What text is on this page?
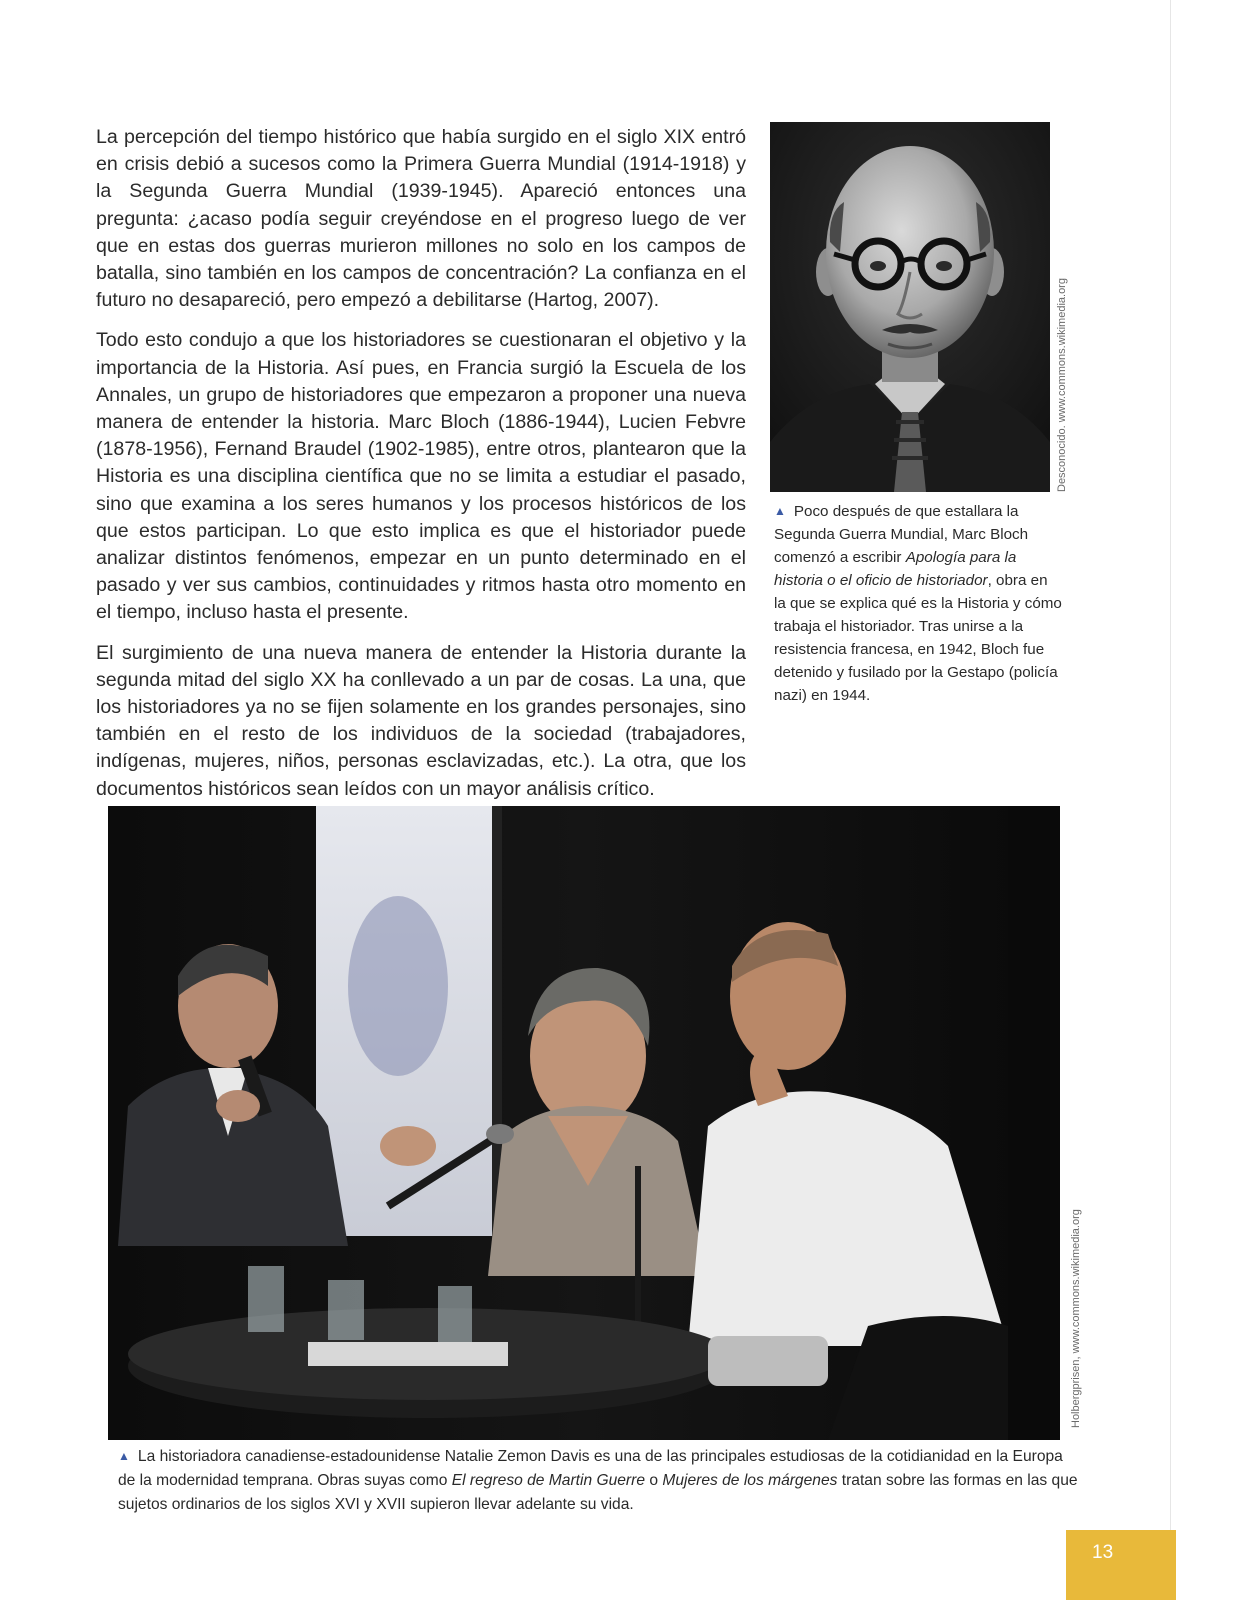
La percepción del tiempo histórico que había surgido en el siglo XIX entró en crisis debió a sucesos como la Primera Guerra Mundial (1914-1918) y la Segunda Guerra Mundial (1939-1945). Apareció entonces una pregunta: ¿acaso podía seguir creyéndose en el progreso luego de ver que en estas dos guerras murieron millones no solo en los campos de batalla, sino también en los campos de concentración? La confianza en el futuro no desapareció, pero empezó a debilitarse (Hartog, 2007).

Todo esto condujo a que los historiadores se cuestionaran el objetivo y la importancia de la Historia. Así pues, en Francia surgió la Escuela de los Annales, un grupo de historiadores que empezaron a proponer una nueva manera de entender la historia. Marc Bloch (1886-1944), Lucien Febvre (1878-1956), Fernand Braudel (1902-1985), entre otros, plantearon que la Historia es una disciplina científica que no se limita a estudiar el pasado, sino que examina a los seres humanos y los procesos históricos de los que estos participan. Lo que esto implica es que el historiador puede analizar distintos fenómenos, empezar en un punto determinado en el pasado y ver sus cambios, continuidades y ritmos hasta otro momento en el tiempo, incluso hasta el presente.

El surgimiento de una nueva manera de entender la Historia durante la segunda mitad del siglo XX ha conllevado a un par de cosas. La una, que los historiadores ya no se fijen solamente en los grandes personajes, sino también en el resto de los individuos de la sociedad (trabajadores, indígenas, mujeres, niños, personas esclavizadas, etc.). La otra, que los documentos históricos sean leídos con un mayor análisis crítico.

Desconocido. www.commons.wikimedia.org
▲ Poco después de que estallara la Segunda Guerra Mundial, Marc Bloch comenzó a escribir Apología para la historia o el oficio de historiador, obra en la que se explica qué es la Historia y cómo trabaja el historiador. Tras unirse a la resistencia francesa, en 1942, Bloch fue detenido y fusilado por la Gestapo (policía nazi) en 1944.
Holbergprisen, www.commons.wikimedia.org
▲ La historiadora canadiense-estadounidense Natalie Zemon Davis es una de las principales estudiosas de la cotidianidad en la Europa de la modernidad temprana. Obras suyas como El regreso de Martin Guerre o Mujeres de los márgenes tratan sobre las formas en las que sujetos ordinarios de los siglos XVI y XVII supieron llevar adelante su vida.
13
